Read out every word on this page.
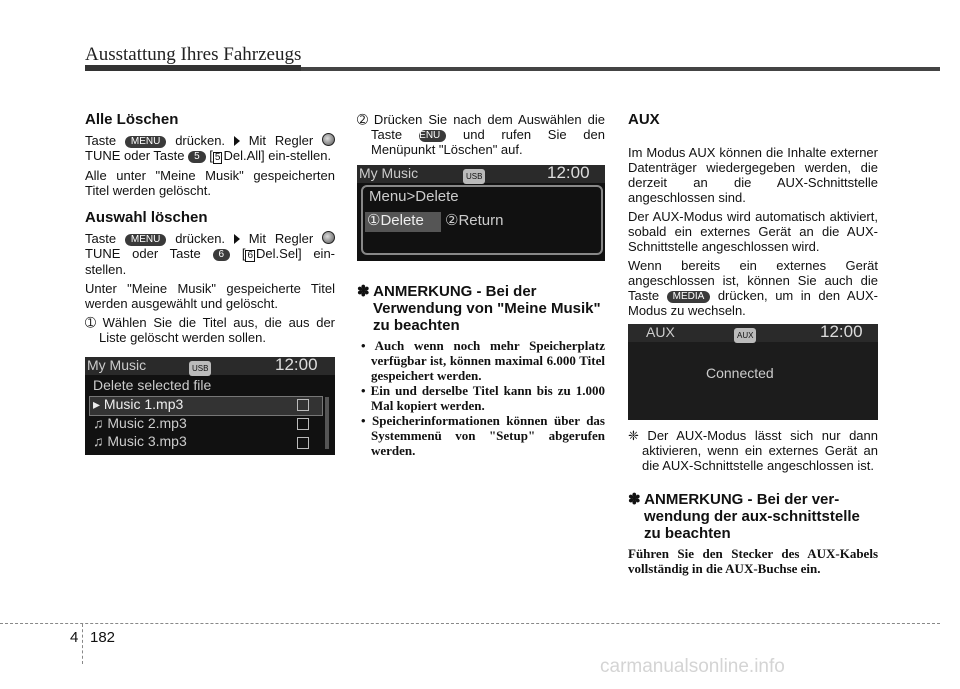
Ausstattung Ihres Fahrzeugs
Alle Löschen

Taste MENU drücken. Mit Regler  TUNE oder Taste 5 [ 5 Del.All] ein-stellen.

Alle unter "Meine Musik" gespeicherten Titel werden gelöscht.

Auswahl löschen

Taste MENU drücken. Mit Regler  TUNE oder Taste 6 [ 6 Del.Sel] ein-stellen.

Unter "Meine Musik" gespeicherte Titel werden ausgewählt und gelöscht.

➀ Wählen Sie die Titel aus, die aus der Liste gelöscht werden sollen.

My Music	USB	12:00
Delete selected file
▸ Music 1.mp3
♫ Music 2.mp3
♫ Music 3.mp3

➁ Drücken Sie nach dem Auswählen die Taste MENU und rufen Sie den Menüpunkt "Löschen" auf.

My Music	USB	12:00
Menu>Delete
①Delete ②Return
✽ ANMERKUNG - Bei der Verwendung von "Meine Musik" zu beachten
• Auch wenn noch mehr Speicherplatz verfügbar ist, können maximal 6.000 Titel gespeichert werden.
• Ein und derselbe Titel kann bis zu 1.000 Mal kopiert werden.
• Speicherinformationen können über das Systemmenü von "Setup" abgerufen werden.
AUX

Im Modus AUX können die Inhalte externer Datenträger wiedergegeben werden, die derzeit an die AUX-Schnittstelle angeschlossen sind.

Der AUX-Modus wird automatisch aktiviert, sobald ein externes Gerät an die AUX-Schnittstelle angeschlossen wird.

Wenn bereits ein externes Gerät angeschlossen ist, können Sie auch die Taste MEDIA drücken, um in den AUX-Modus zu wechseln.

AUX	AUX	12:00
Connected

❈ Der AUX-Modus lässt sich nur dann aktivieren, wenn ein externes Gerät an die AUX-Schnittstelle angeschlossen ist.

✽ ANMERKUNG - Bei der ver-wendung der aux-schnittstelle zu beachten

Führen Sie den Stecker des AUX-Kabels vollständig in die AUX-Buchse ein.

4 182
carmanualsonline.info
